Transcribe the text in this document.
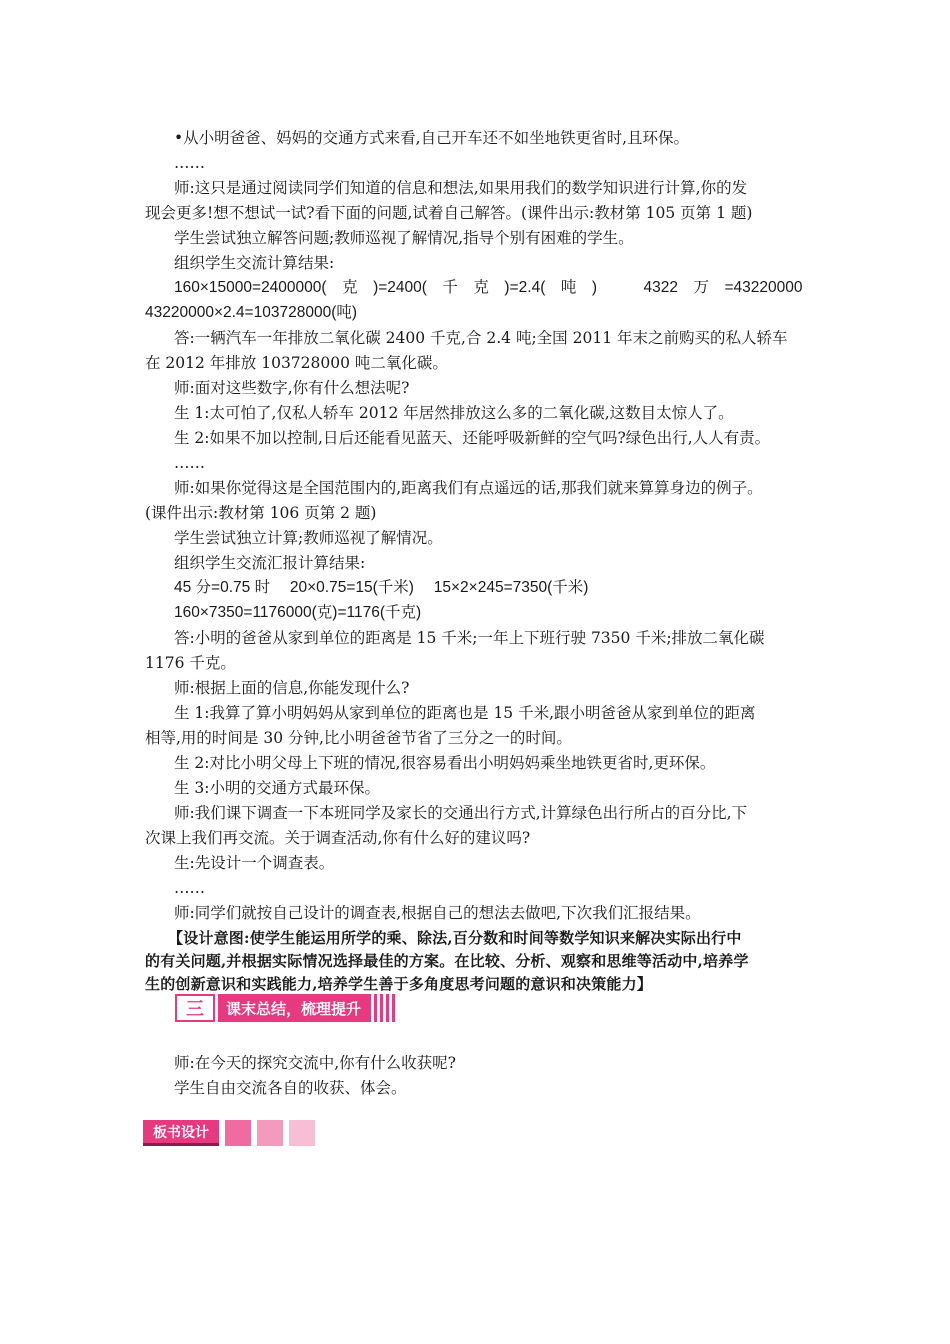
•从小明爸爸、妈妈的交通方式来看,自己开车还不如坐地铁更省时,且环保。
……
师:这只是通过阅读同学们知道的信息和想法,如果用我们的数学知识进行计算,你的发
现会更多!想不想试一试?看下面的问题,试着自己解答。(课件出示:教材第 105 页第 1 题)
学生尝试独立解答问题;教师巡视了解情况,指导个别有困难的学生。
组织学生交流计算结果:
160×15000=2400000(　克　)=2400(　千　克　)=2.4(　吨　)　　　4322　万　=43220000
43220000×2.4=103728000(吨)
答:一辆汽车一年排放二氧化碳 2400 千克,合 2.4 吨;全国 2011 年末之前购买的私人轿车
在 2012 年排放 103728000 吨二氧化碳。
师:面对这些数字,你有什么想法呢?
生 1:太可怕了,仅私人轿车 2012 年居然排放这么多的二氧化碳,这数目太惊人了。
生 2:如果不加以控制,日后还能看见蓝天、还能呼吸新鲜的空气吗?绿色出行,人人有责。
……
师:如果你觉得这是全国范围内的,距离我们有点遥远的话,那我们就来算算身边的例子。
(课件出示:教材第 106 页第 2 题)
学生尝试独立计算;教师巡视了解情况。
组织学生交流汇报计算结果:
45 分=0.75 时　 20×0.75=15(千米)　 15×2×245=7350(千米)
160×7350=1176000(克)=1176(千克)
答:小明的爸爸从家到单位的距离是 15 千米;一年上下班行驶 7350 千米;排放二氧化碳
1176 千克。
师:根据上面的信息,你能发现什么?
生 1:我算了算小明妈妈从家到单位的距离也是 15 千米,跟小明爸爸从家到单位的距离
相等,用的时间是 30 分钟,比小明爸爸节省了三分之一的时间。
生 2:对比小明父母上下班的情况,很容易看出小明妈妈乘坐地铁更省时,更环保。
生 3:小明的交通方式最环保。
师:我们课下调查一下本班同学及家长的交通出行方式,计算绿色出行所占的百分比,下
次课上我们再交流。关于调查活动,你有什么好的建议吗?
生:先设计一个调查表。
……
师:同学们就按自己设计的调查表,根据自己的想法去做吧,下次我们汇报结果。
【设计意图:使学生能运用所学的乘、除法,百分数和时间等数学知识来解决实际出行中
的有关问题,并根据实际情况选择最佳的方案。在比较、分析、观察和思维等活动中,培养学
生的创新意识和实践能力,培养学生善于多角度思考问题的意识和决策能力】
三	课末总结，梳理提升
师:在今天的探究交流中,你有什么收获呢?
学生自由交流各自的收获、体会。
板书设计
